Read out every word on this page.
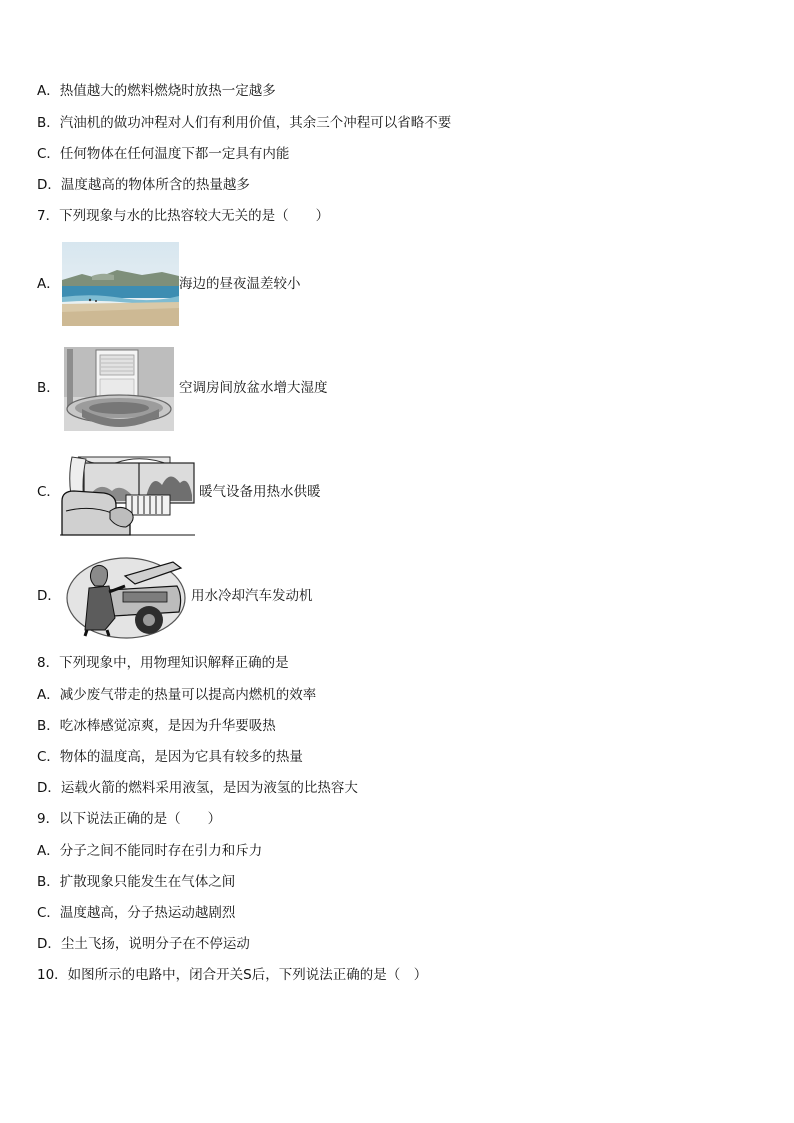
A．热值越大的燃料燃烧时放热一定越多
B．汽油机的做功冲程对人们有利用价值，其余三个冲程可以省略不要
C．任何物体在任何温度下都一定具有内能
D．温度越高的物体所含的热量越多
7．下列现象与水的比热容较大无关的是（　　）
A．	海边的昼夜温差较小
B．	空调房间放盆水增大湿度
C．	暖气设备用热水供暖
D．	用水冷却汽车发动机
8．下列现象中，用物理知识解释正确的是
A．减少废气带走的热量可以提高内燃机的效率
B．吃冰棒感觉凉爽，是因为升华要吸热
C．物体的温度高，是因为它具有较多的热量
D．运载火箭的燃料采用液氢，是因为液氢的比热容大
9．以下说法正确的是（　　）
A．分子之间不能同时存在引力和斥力
B．扩散现象只能发生在气体之间
C．温度越高，分子热运动越剧烈
D．尘土飞扬，说明分子在不停运动
10．如图所示的电路中，闭合开关S后，下列说法正确的是（　）
